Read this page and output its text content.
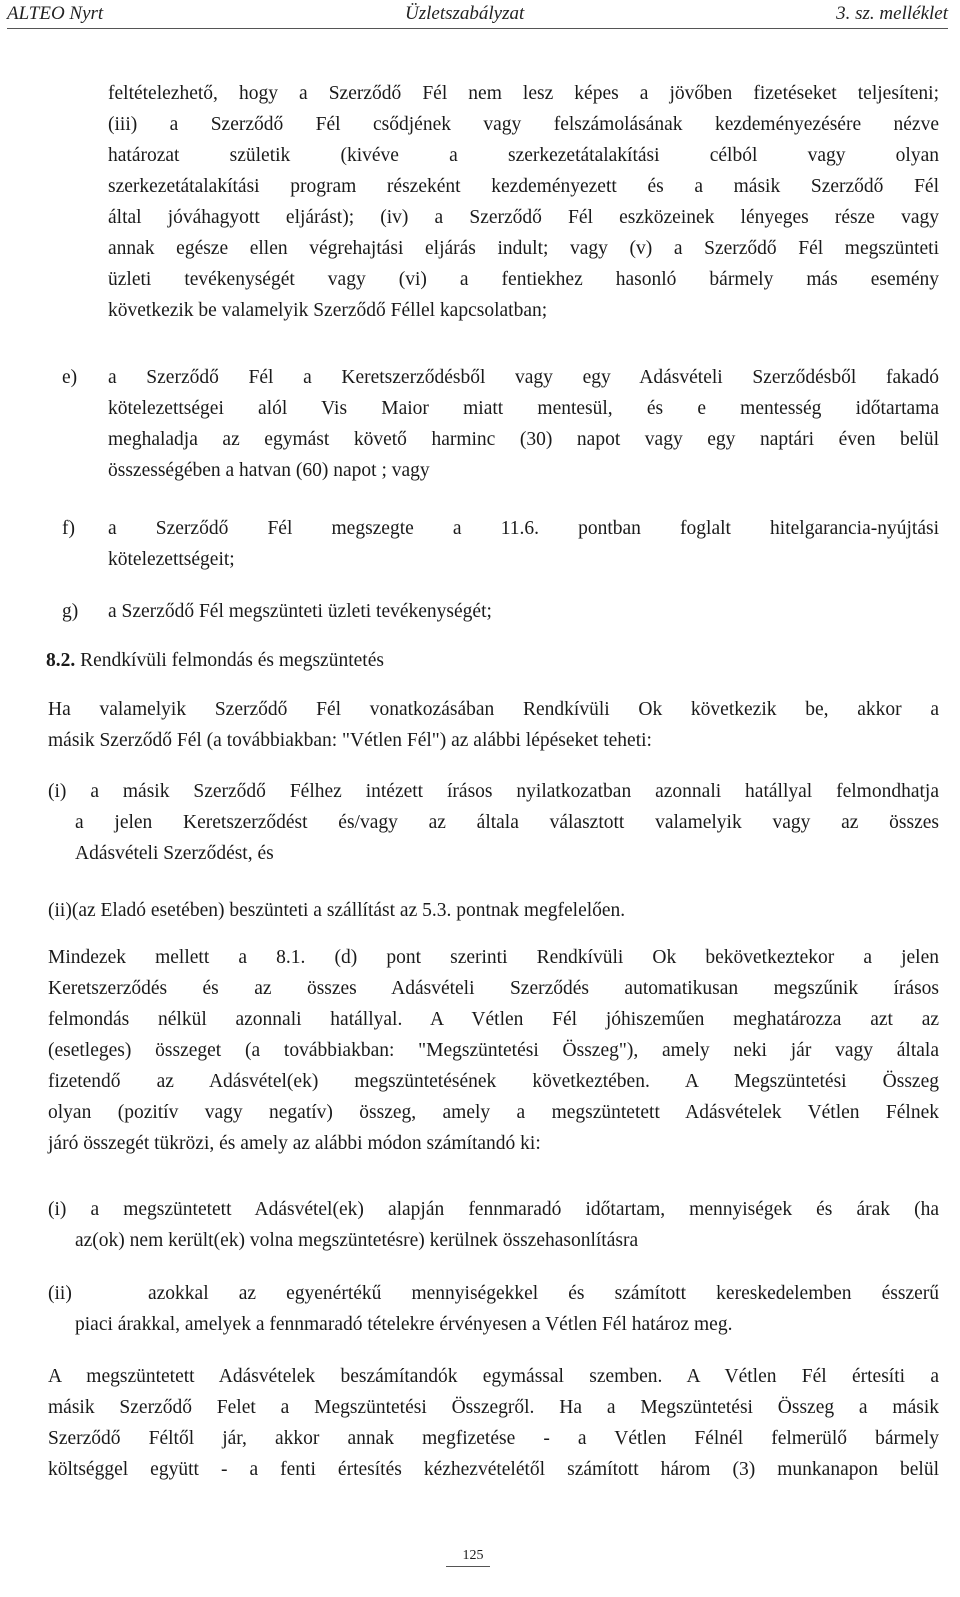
ALTEO Nyrt	Üzletszabályzat	3. sz. melléklet
feltételezhető, hogy a Szerződő Fél nem lesz képes a jövőben fizetéseket teljesíteni;
(iii) a Szerződő Fél csődjének vagy felszámolásának kezdeményezésére nézve
határozat születik (kivéve a szerkezetátalakítási célból vagy olyan
szerkezetátalakítási program részeként kezdeményezett és a másik Szerződő Fél
által jóváhagyott eljárást); (iv) a Szerződő Fél eszközeinek lényeges része vagy
annak egésze ellen végrehajtási eljárás indult; vagy (v) a Szerződő Fél megszünteti
üzleti tevékenységét vagy (vi) a fentiekhez hasonló bármely más esemény
következik be valamelyik Szerződő Féllel kapcsolatban;
e) a Szerződő Fél a Keretszerződésből vagy egy Adásvételi Szerződésből fakadó
kötelezettségei alól Vis Maior miatt mentesül, és e mentesség időtartama
meghaladja az egymást követő harminc (30) napot vagy egy naptári éven belül
összességében a hatvan (60) napot ; vagy
f) a Szerződő Fél megszegte a 11.6. pontban foglalt hitelgarancia-nyújtási
kötelezettségeit;
g) a Szerződő Fél megszünteti üzleti tevékenységét;
8.2. Rendkívüli felmondás és megszüntetés
Ha valamelyik Szerződő Fél vonatkozásában Rendkívüli Ok következik be, akkor a
másik Szerződő Fél (a továbbiakban: "Vétlen Fél") az alábbi lépéseket teheti:
(i) a másik Szerződő Félhez intézett írásos nyilatkozatban azonnali hatállyal felmondhatja
a jelen Keretszerződést és/vagy az általa választott valamelyik vagy az összes
Adásvételi Szerződést, és
(ii)(az Eladó esetében) beszünteti a szállítást az 5.3. pontnak megfelelően.
Mindezek mellett a 8.1. (d) pont szerinti Rendkívüli Ok bekövetkeztekor a jelen
Keretszerződés és az összes Adásvételi Szerződés automatikusan megszűnik írásos
felmondás nélkül azonnali hatállyal. A Vétlen Fél jóhiszeműen meghatározza azt az
(esetleges) összeget (a továbbiakban: "Megszüntetési Összeg"), amely neki jár vagy általa
fizetendő az Adásvétel(ek) megszüntetésének következtében. A Megszüntetési Összeg
olyan (pozitív vagy negatív) összeg, amely a megszüntetett Adásvételek Vétlen Félnek
járó összegét tükrözi, és amely az alábbi módon számítandó ki:
(i) a megszüntetett Adásvétel(ek) alapján fennmaradó időtartam, mennyiségek és árak (ha
az(ok) nem került(ek) volna megszüntetésre) kerülnek összehasonlításra
(ii)	azokkal az egyenértékű mennyiségekkel és számított kereskedelemben ésszerű
piaci árakkal, amelyek a fennmaradó tételekre érvényesen a Vétlen Fél határoz meg.
A megszüntetett Adásvételek beszámítandók egymással szemben. A Vétlen Fél értesíti a
másik Szerződő Felet a Megszüntetési Összegről. Ha a Megszüntetési Összeg a másik
Szerződő Féltől jár, akkor annak megfizetése - a Vétlen Félnél felmerülő bármely
költséggel együtt - a fenti értesítés kézhezvételétől számított három (3) munkanapon belül
125
